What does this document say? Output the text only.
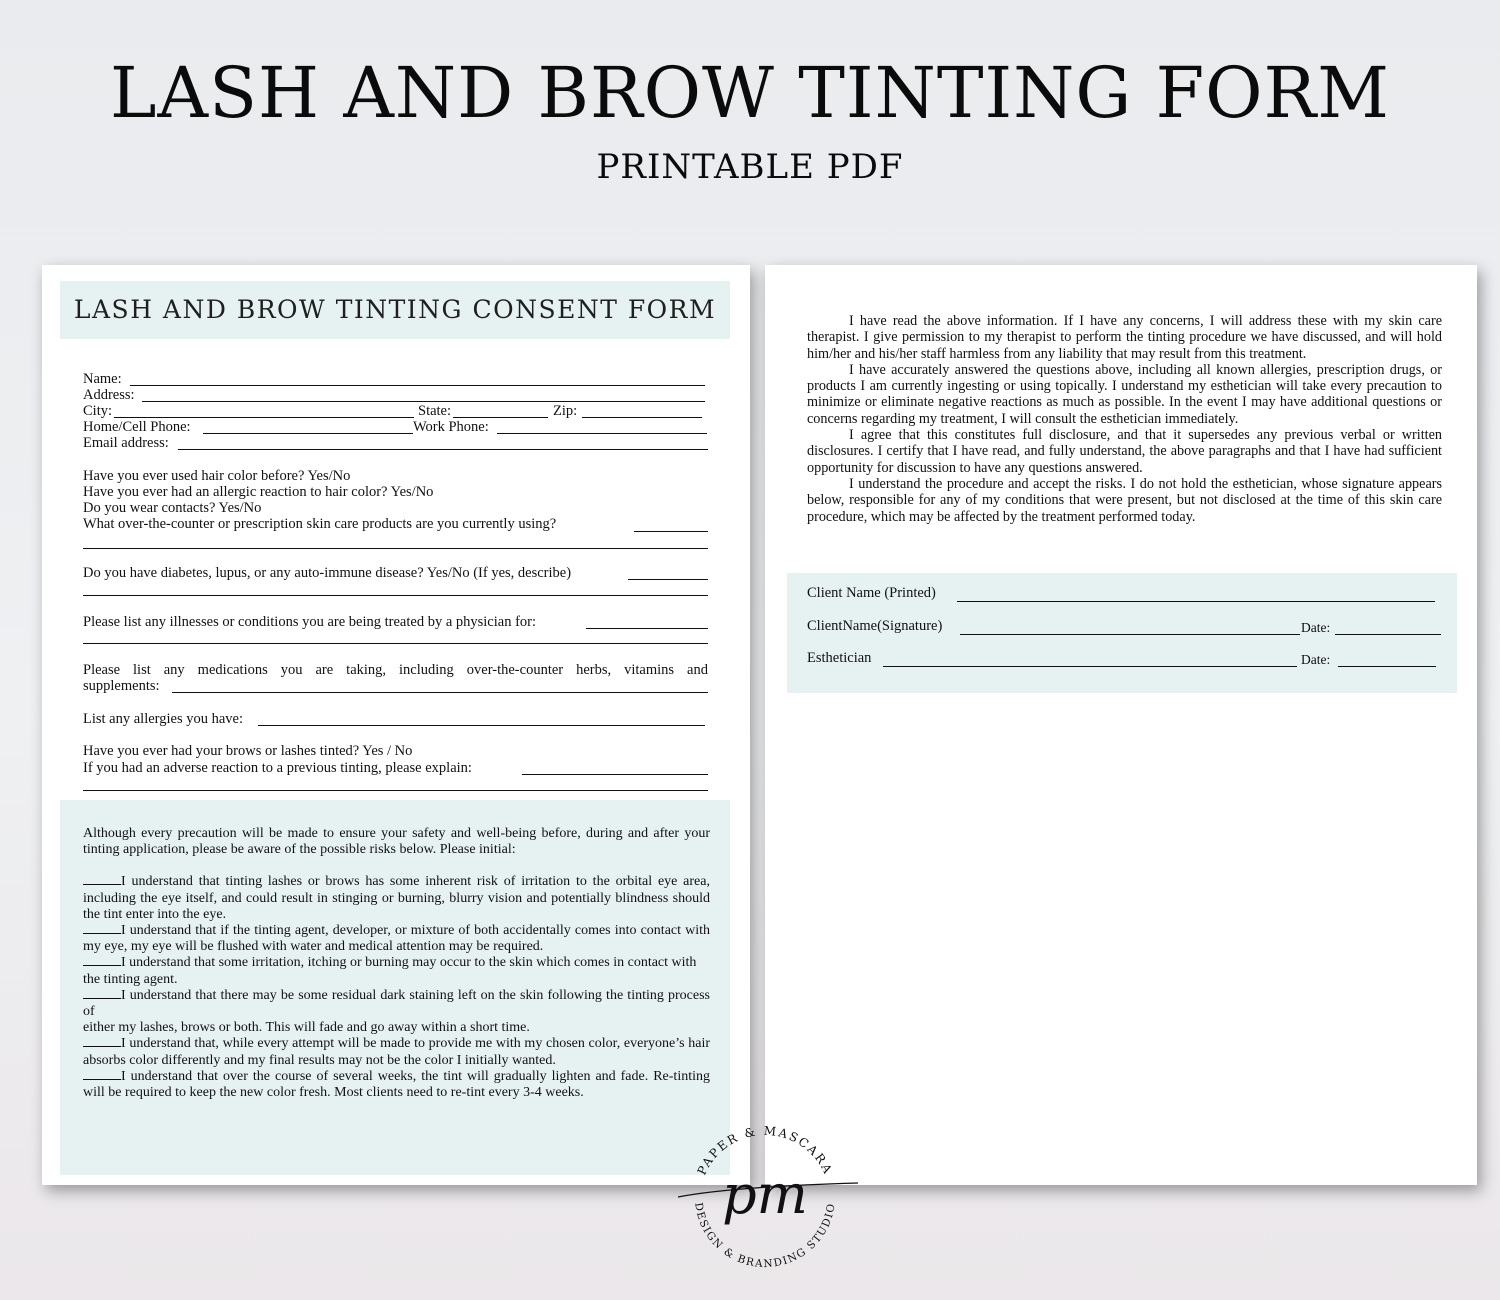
LASH AND BROW TINTING FORM
PRINTABLE PDF
LASH AND BROW TINTING CONSENT FORM
Name:
Address:
City:	State:	Zip:
Home/Cell Phone:	Work Phone:
Email address:
Have you ever used hair color before? Yes/No
Have you ever had an allergic reaction to hair color? Yes/No
Do you wear contacts? Yes/No
What over-the-counter or prescription skin care products are you currently using?
Do you have diabetes, lupus, or any auto-immune disease? Yes/No (If yes, describe)
Please list any illnesses or conditions you are being treated by a physician for:
Please list any medications you are taking, including over-the-counter herbs, vitamins and
supplements:
List any allergies you have:
Have you ever had your brows or lashes tinted? Yes / No
If you had an adverse reaction to a previous tinting, please explain:

Although every precaution will be made to ensure your safety and well-being before, during and after your tinting application, please be aware of the possible risks below. Please initial:

I understand that tinting lashes or brows has some inherent risk of irritation to the orbital eye area, including the eye itself, and could result in stinging or burning, blurry vision and potentially blindness should the tint enter into the eye.

I understand that if the tinting agent, developer, or mixture of both accidentally comes into contact with my eye, my eye will be flushed with water and medical attention may be required.

I understand that some irritation, itching or burning may occur to the skin which comes in contact with

the tinting agent.

I understand that there may be some residual dark staining left on the skin following the tinting process of

either my lashes, brows or both. This will fade and go away within a short time.

I understand that, while every attempt will be made to provide me with my chosen color, everyone’s hair absorbs color differently and my final results may not be the color I initially wanted.

I understand that over the course of several weeks, the tint will gradually lighten and fade. Re-tinting will be required to keep the new color fresh. Most clients need to re-tint every 3-4 weeks.

I have read the above information. If I have any concerns, I will address these with my skin care therapist. I give permission to my therapist to perform the tinting procedure we have discussed, and will hold him/her and his/her staff harmless from any liability that may result from this treatment.

I have accurately answered the questions above, including all known allergies, prescription drugs, or products I am currently ingesting or using topically. I understand my esthetician will take every precaution to minimize or eliminate negative reactions as much as possible. In the event I may have additional questions or concerns regarding my treatment, I will consult the esthetician immediately.

I agree that this constitutes full disclosure, and that it supersedes any previous verbal or written disclosures. I certify that I have read, and fully understand, the above paragraphs and that I have had sufficient opportunity for discussion to have any questions answered.

I understand the procedure and accept the risks. I do not hold the esthetician, whose signature appears below, responsible for any of my conditions that were present, but not disclosed at the time of this skin care procedure, which may be affected by the treatment performed today.

Client Name (Printed)
ClientName(Signature)	Date:
Esthetician	Date:
PAPER & MASCARA
pm
DESIGN & BRANDING STUDIO
